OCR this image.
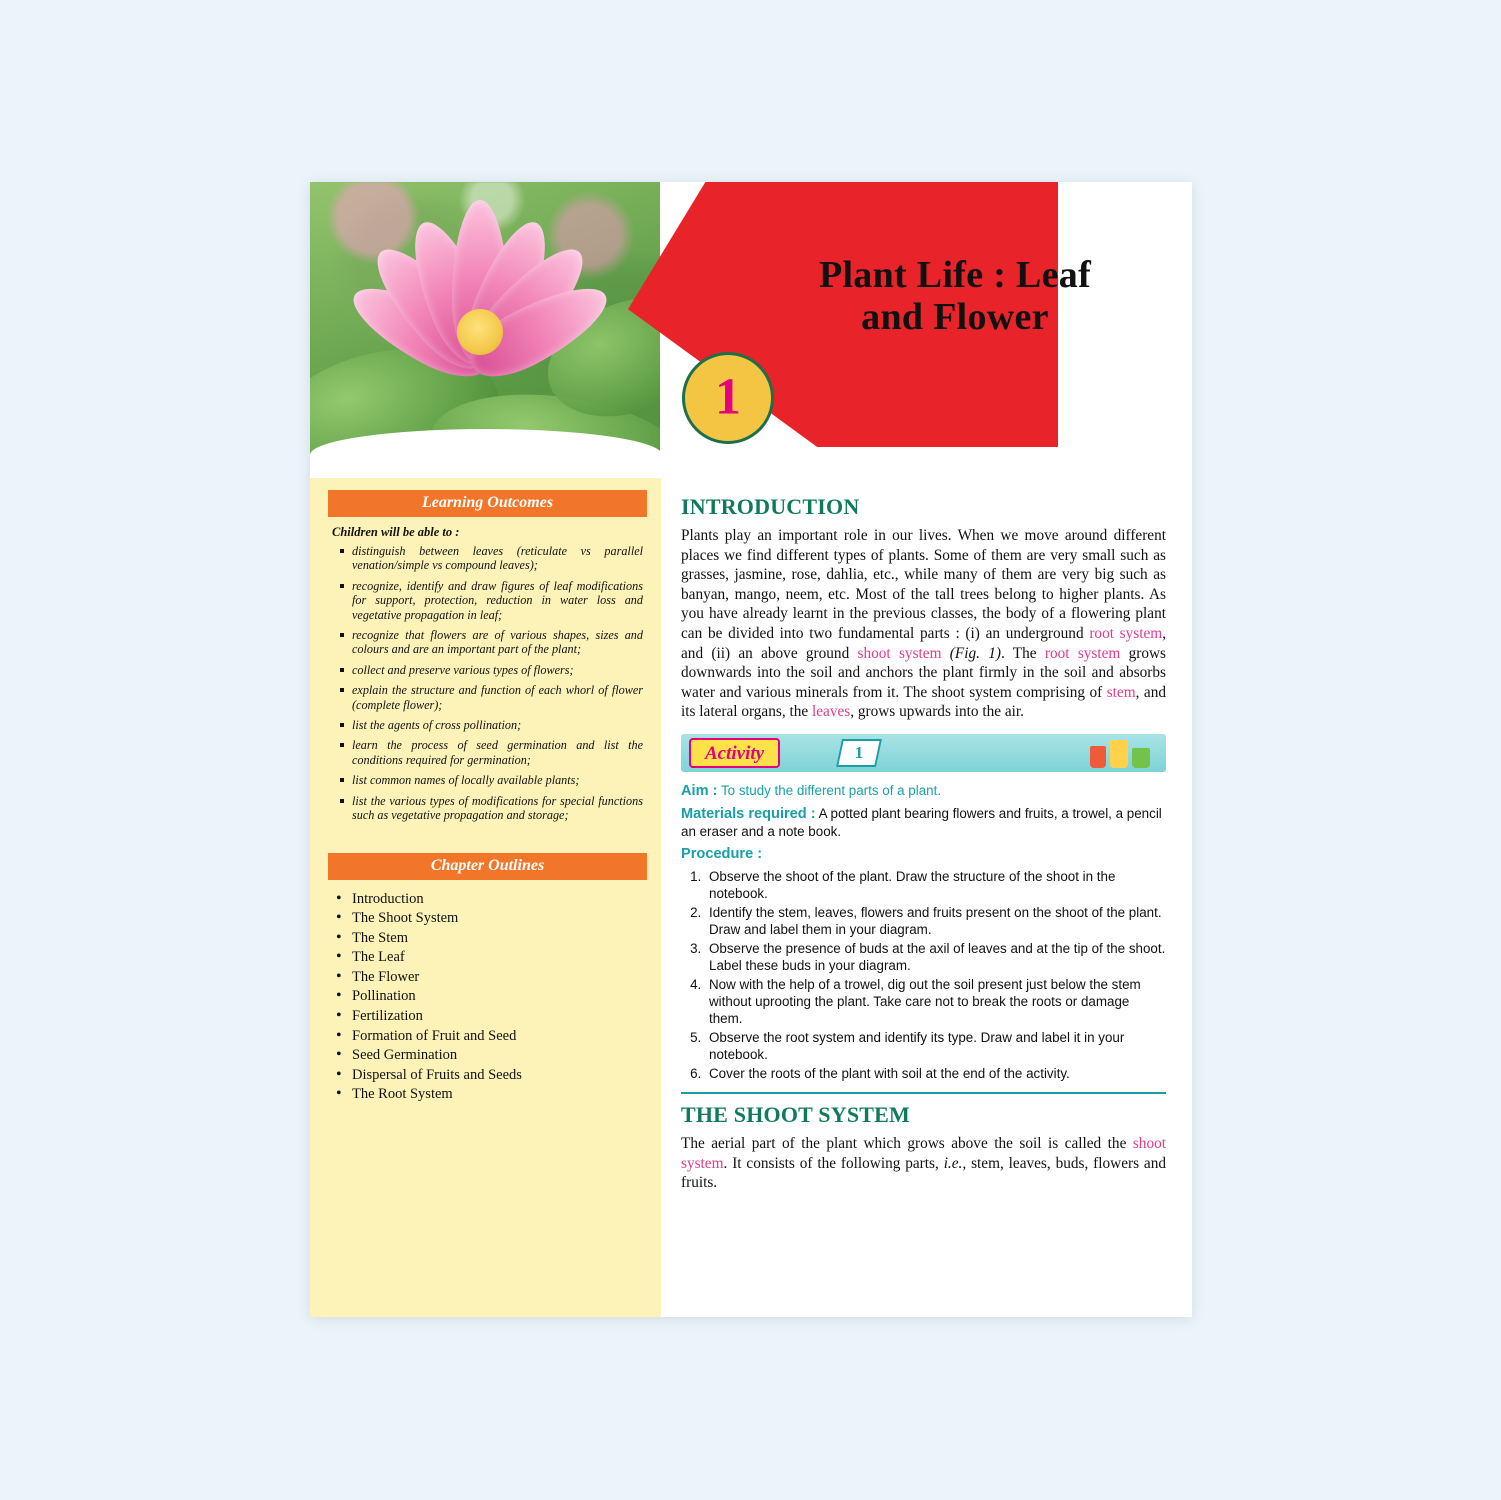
1
Plant Life : Leaf
and Flower
Learning Outcomes
Children will be able to :
distinguish between leaves (reticulate vs parallel venation/simple vs compound leaves);
recognize, identify and draw figures of leaf modifications for support, protection, reduction in water loss and vegetative propagation in leaf;
recognize that flowers are of various shapes, sizes and colours and are an important part of the plant;
collect and preserve various types of flowers;
explain the structure and function of each whorl of flower (complete flower);
list the agents of cross pollination;
learn the process of seed germination and list the conditions required for germination;
list common names of locally available plants;
list the various types of modifications for special functions such as vegetative propagation and storage;
Chapter Outlines
• Introduction
• The Shoot System
• The Stem
• The Leaf
• The Flower
• Pollination
• Fertilization
• Formation of Fruit and Seed
• Seed Germination
• Dispersal of Fruits and Seeds
• The Root System
INTRODUCTION

Plants play an important role in our lives. When we move around different places we find different types of plants. Some of them are very small such as grasses, jasmine, rose, dahlia, etc., while many of them are very big such as banyan, mango, neem, etc. Most of the tall trees belong to higher plants. As you have already learnt in the previous classes, the body of a flowering plant can be divided into two fundamental parts : (i) an underground root system, and (ii) an above ground shoot system (Fig. 1). The root system grows downwards into the soil and anchors the plant firmly in the soil and absorbs water and various minerals from it. The shoot system comprising of stem, and its lateral organs, the leaves, grows upwards into the air.

Activity	1

Aim : To study the different parts of a plant.

Materials required : A potted plant bearing flowers and fruits, a trowel, a pencil an eraser and a note book.

Procedure :

1. Observe the shoot of the plant. Draw the structure of the shoot in the notebook.
2. Identify the stem, leaves, flowers and fruits present on the shoot of the plant. Draw and label them in your diagram.
3. Observe the presence of buds at the axil of leaves and at the tip of the shoot. Label these buds in your diagram.
4. Now with the help of a trowel, dig out the soil present just below the stem without uprooting the plant. Take care not to break the roots or damage them.
5. Observe the root system and identify its type. Draw and label it in your notebook.
6. Cover the roots of the plant with soil at the end of the activity.
THE SHOOT SYSTEM

The aerial part of the plant which grows above the soil is called the shoot system. It consists of the following parts, i.e., stem, leaves, buds, flowers and fruits.
